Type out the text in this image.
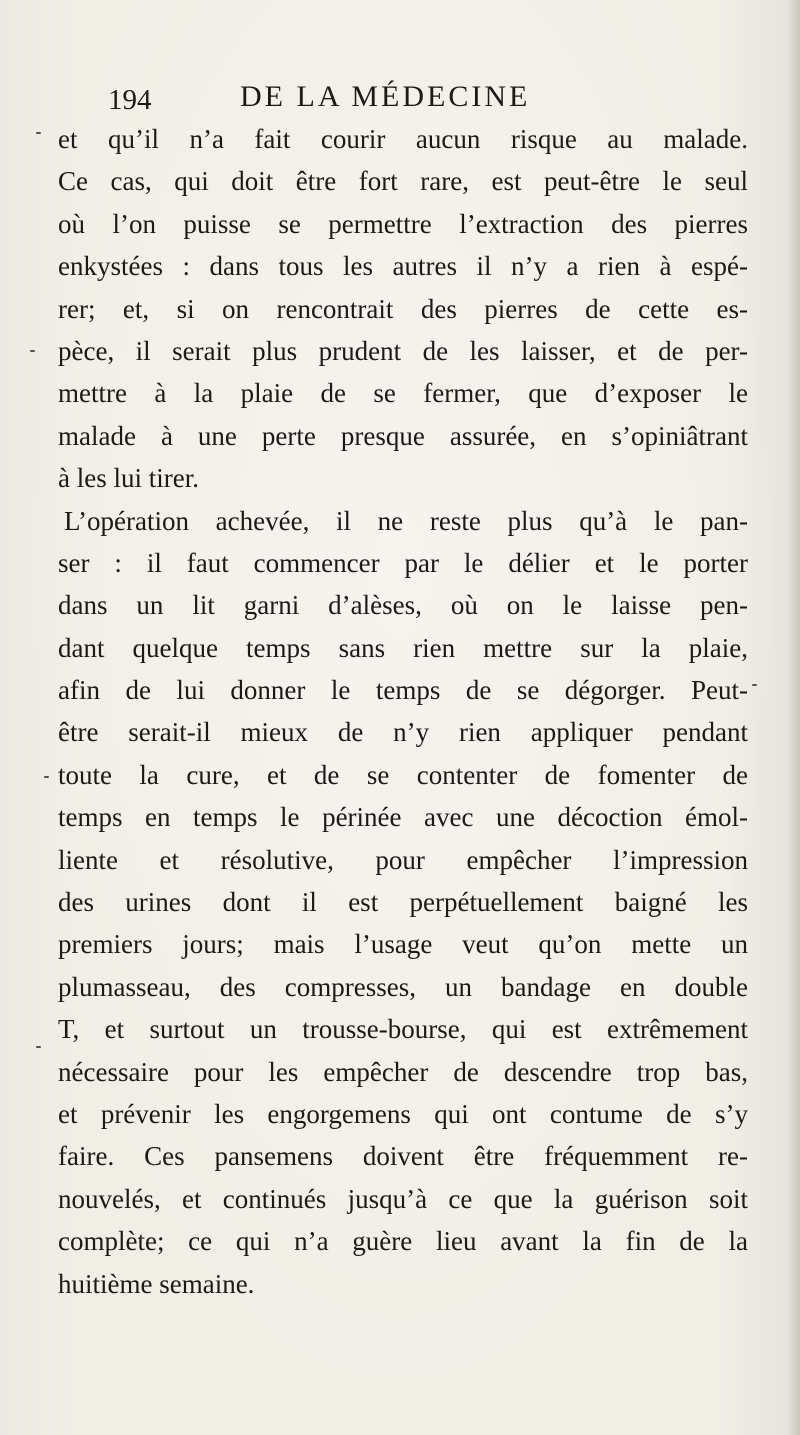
194	DE LA MÉDECINE
et qu’il n’a fait courir aucun risque au malade.
Ce cas, qui doit être fort rare, est peut-être le seul
où l’on puisse se permettre l’extraction des pierres
enkystées : dans tous les autres il n’y a rien à espé-
rer; et, si on rencontrait des pierres de cette es-
pèce, il serait plus prudent de les laisser, et de per-
mettre à la plaie de se fermer, que d’exposer le
malade à une perte presque assurée, en s’opiniâtrant
à les lui tirer.
L’opération achevée, il ne reste plus qu’à le pan-
ser : il faut commencer par le délier et le porter
dans un lit garni d’alèses, où on le laisse pen-
dant quelque temps sans rien mettre sur la plaie,
afin de lui donner le temps de se dégorger. Peut-
être serait-il mieux de n’y rien appliquer pendant
toute la cure, et de se contenter de fomenter de
temps en temps le périnée avec une décoction émol-
liente et résolutive, pour empêcher l’impression
des urines dont il est perpétuellement baigné les
premiers jours; mais l’usage veut qu’on mette un
plumasseau, des compresses, un bandage en double
T, et surtout un trousse-bourse, qui est extrêmement
nécessaire pour les empêcher de descendre trop bas,
et prévenir les engorgemens qui ont contume de s’y
faire. Ces pansemens doivent être fréquemment re-
nouvelés, et continués jusqu’à ce que la guérison soit
complète; ce qui n’a guère lieu avant la fin de la
huitième semaine.
